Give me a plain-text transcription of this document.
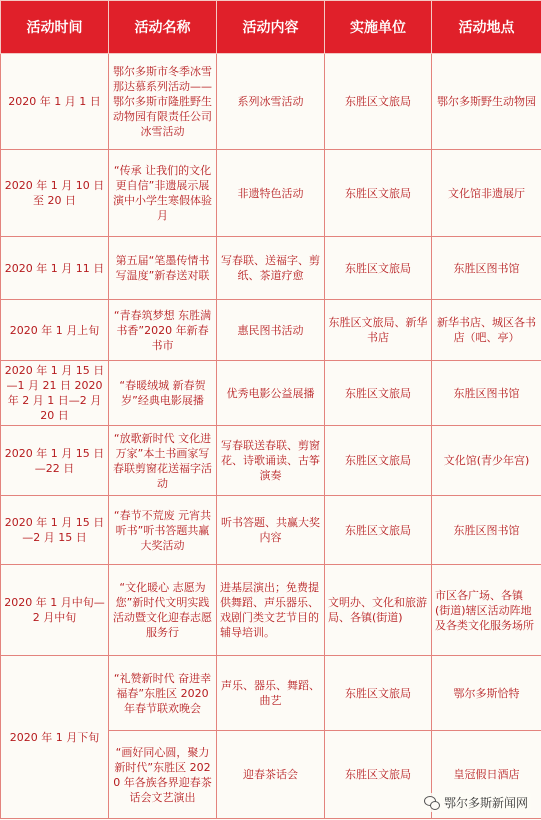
活动时间	活动名称	活动内容	实施单位	活动地点
2020 年 1 月 1 日	鄂尔多斯市冬季冰雪那达慕系列活动——鄂尔多斯市隆胜野生动物园有限责任公司冰雪活动	系列冰雪活动	东胜区文旅局	鄂尔多斯野生动物园
2020 年 1 月 10 日至 20 日	“传承 让我们的文化更自信”非遗展示展演中小学生寒假体验月	非遗特色活动	东胜区文旅局	文化馆非遗展厅
2020 年 1 月 11 日	第五届“笔墨传情书写温度”新春送对联	写春联、送福字、剪纸、茶道疗愈	东胜区文旅局	东胜区图书馆
2020 年 1 月上旬	“青春筑梦想 东胜满书香”2020 年新春书市	惠民图书活动	东胜区文旅局、新华书店	新华书店、城区各书店（吧、亭）
2020 年 1 月 15 日—1 月 21 日 2020 年 2 月 1 日—2 月 20 日	“春暖绒城 新春贺岁”经典电影展播	优秀电影公益展播	东胜区文旅局	东胜区图书馆
2020 年 1 月 15 日—22 日	“放歌新时代 文化进万家”本土书画家写春联剪窗花送福字活动	写春联送春联、剪窗花、诗歌诵读、古筝演奏	东胜区文旅局	文化馆(青少年宫)
2020 年 1 月 15 日—2 月 15 日	“春节不荒废 元宵共听书”听书答题共赢大奖活动	听书答题、共赢大奖内容	东胜区文旅局	东胜区图书馆
2020 年 1 月中旬—2 月中旬	“文化暖心 志愿为您”新时代文明实践活动暨文化迎春志愿服务行	进基层演出；免费提供舞蹈、声乐器乐、戏剧门类文艺节目的辅导培训。	文明办、文化和旅游局、各镇(街道)	市区各广场、各镇(街道)辖区活动阵地及各类文化服务场所
2020 年 1 月下旬	“礼赞新时代 奋进幸福春”东胜区 2020 年春节联欢晚会	声乐、器乐、舞蹈、曲艺	东胜区文旅局	鄂尔多斯恰特
	“画好同心圆，聚力新时代”东胜区 2020 年各族各界迎春茶话会文艺演出	迎春茶话会	东胜区文旅局	皇冠假日酒店
鄂尔多斯新闻网
